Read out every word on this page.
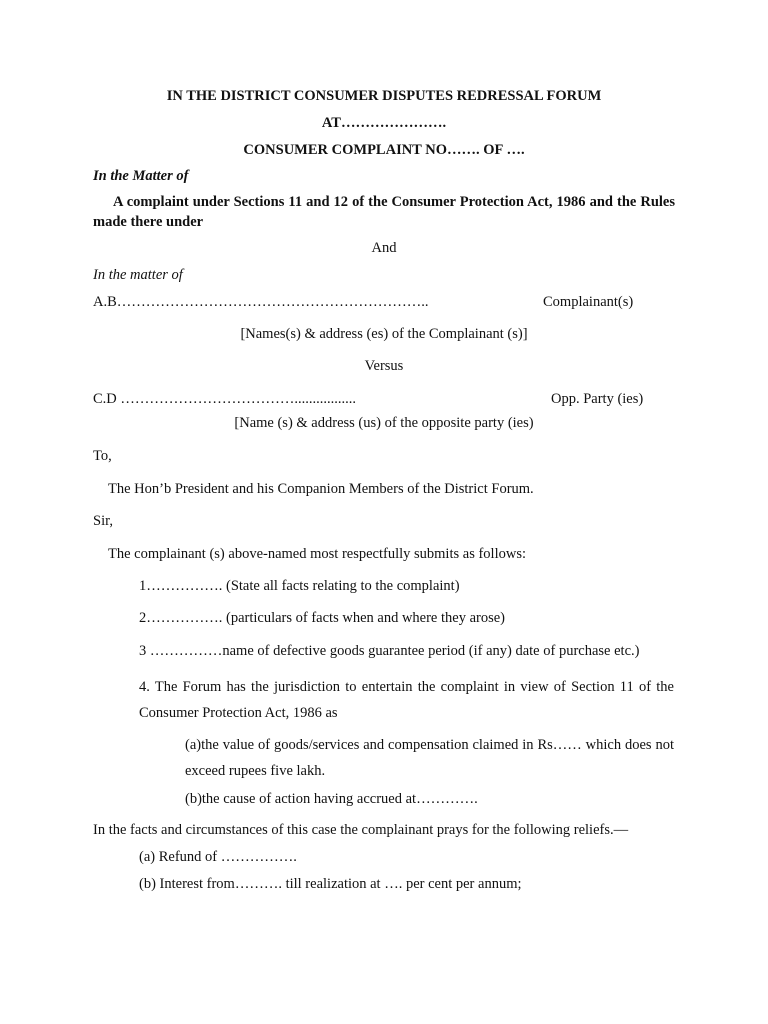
IN THE DISTRICT CONSUMER DISPUTES REDRESSAL FORUM
AT………………….
CONSUMER COMPLAINT NO……. OF ….
In the Matter of
A complaint under Sections 11 and 12 of the Consumer Protection Act, 1986 and the Rules made there under
And
In the matter of
A.B………………………………………………………..	Complainant(s)
[Names(s) & address (es) of the Complainant (s)]
Versus
C.D ……………………………….................	Opp. Party (ies)
[Name (s) & address (us) of the opposite party (ies)
To,
The Hon’b President and his Companion Members of the District Forum.
Sir,
The complainant (s) above-named most respectfully submits as follows:
1……………. (State all facts relating to the complaint)
2……………. (particulars of facts when and where they arose)
3 ……………name of defective goods guarantee period (if any) date of purchase etc.)
4. The Forum has the jurisdiction to entertain the complaint in view of Section 11 of the Consumer Protection Act, 1986 as
(a)the value of goods/services and compensation claimed in Rs…… which does not exceed rupees five lakh.
(b)the cause of action having accrued at………….
In the facts and circumstances of this case the complainant prays for the following reliefs.—
(a) Refund of …………….
(b) Interest from………. till realization at …. per cent per annum;
